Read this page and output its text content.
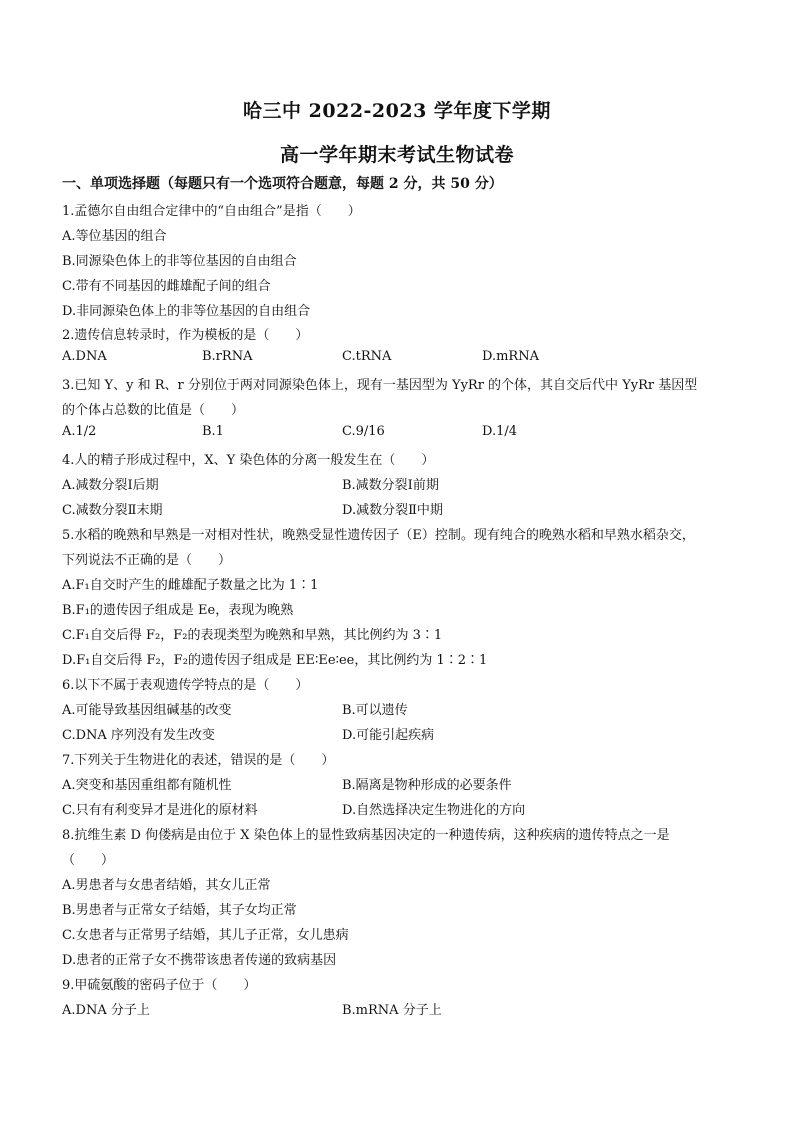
哈三中 2022-2023 学年度下学期
高一学年期末考试生物试卷
一、单项选择题（每题只有一个选项符合题意，每题 2 分，共 50 分）
1.孟德尔自由组合定律中的“自由组合”是指（　　）
A.等位基因的组合
B.同源染色体上的非等位基因的自由组合
C.带有不同基因的雌雄配子间的组合
D.非同源染色体上的非等位基因的自由组合
2.遗传信息转录时，作为模板的是（　　）
A.DNA	B.rRNA	C.tRNA	D.mRNA
3.已知 Y、y 和 R、r 分别位于两对同源染色体上，现有一基因型为 YyRr 的个体，其自交后代中 YyRr 基因型
的个体占总数的比值是（　　）
A.1/2	B.1	C.9/16	D.1/4
4.人的精子形成过程中，X、Y 染色体的分离一般发生在（　　）
A.减数分裂Ⅰ后期	B.减数分裂Ⅰ前期
C.减数分裂Ⅱ末期	D.减数分裂Ⅱ中期
5.水稻的晚熟和早熟是一对相对性状，晚熟受显性遗传因子（E）控制。现有纯合的晚熟水稻和早熟水稻杂交，
下列说法不正确的是（　　）
A.F₁自交时产生的雌雄配子数量之比为 1∶1
B.F₁的遗传因子组成是 Ee，表现为晚熟
C.F₁自交后得 F₂，F₂的表现类型为晚熟和早熟，其比例约为 3∶1
D.F₁自交后得 F₂，F₂的遗传因子组成是 EE∶Ee∶ee，其比例约为 1∶2∶1
6.以下不属于表观遗传学特点的是（　　）
A.可能导致基因组碱基的改变	B.可以遗传
C.DNA 序列没有发生改变	D.可能引起疾病
7.下列关于生物进化的表述，错误的是（　　）
A.突变和基因重组都有随机性	B.隔离是物种形成的必要条件
C.只有有利变异才是进化的原材料	D.自然选择决定生物进化的方向
8.抗维生素 D 佝偻病是由位于 X 染色体上的显性致病基因决定的一种遗传病，这种疾病的遗传特点之一是
（　　）
A.男患者与女患者结婚，其女儿正常
B.男患者与正常女子结婚，其子女均正常
C.女患者与正常男子结婚，其儿子正常，女儿患病
D.患者的正常子女不携带该患者传递的致病基因
9.甲硫氨酸的密码子位于（　　）
A.DNA 分子上	B.mRNA 分子上
